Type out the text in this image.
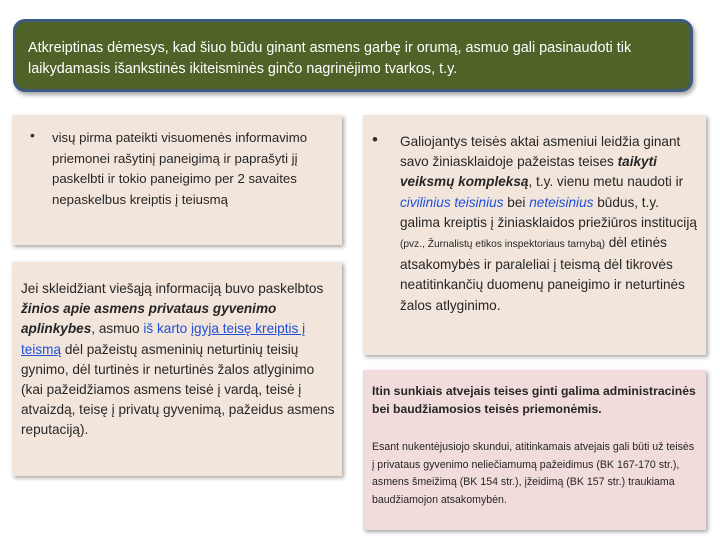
Atkreiptinas dėmesys, kad šiuo būdu ginant asmens garbę ir orumą, asmuo gali pasinaudoti tik laikydamasis išankstinės ikiteisminės ginčo nagrinėjimo tvarkos, t.y.
• visų pirma pateikti visuomenės informavimo priemonei rašytinį paneigimą ir paprašyti jį paskelbti ir tokio paneigimo per 2 savaites nepaskelbus kreiptis į teiusmą
Jei skleidžiant viešąją informaciją buvo paskelbtos žinios apie asmens privataus gyvenimo aplinkybes, asmuo iš karto įgyja teisę kreiptis į teismą dėl pažeistų asmeninių neturtinių teisių gynimo, dėl turtinės ir neturtinės žalos atlyginimo (kai pažeidžiamos asmens teisė į vardą, teisė į atvaizdą, teisę į privatų gyvenimą, pažeidus asmens reputaciją).
• Galiojantys teisės aktai asmeniui leidžia ginant savo žiniasklaidoje pažeistas teises taikyti veiksmų kompleksą, t.y. vienu metu naudoti ir civilinius teisinius bei neteisinius būdus, t.y. galima kreiptis į žiniasklaidos priežiūros instituciją (pvz., Žurnalistų etikos inspektoriaus tarnybą) dėl etinės atsakomybės ir paraleliai į teismą dėl tikrovės neatitinkančių duomenų paneigimo ir neturtinės žalos atlyginimo.
Itin sunkiais atvejais teises ginti galima administracinės bei baudžiamosios teisės priemonėmis.
Esant nukentėjusiojo skundui, atitinkamais atvejais gali būti už teisės į privataus gyvenimo neliečiamumą pažeidimus (BK 167-170 str.), asmens šmeižimą (BK 154 str.), įžeidimą (BK 157 str.) traukiama baudžiamojon atsakomybėn.
